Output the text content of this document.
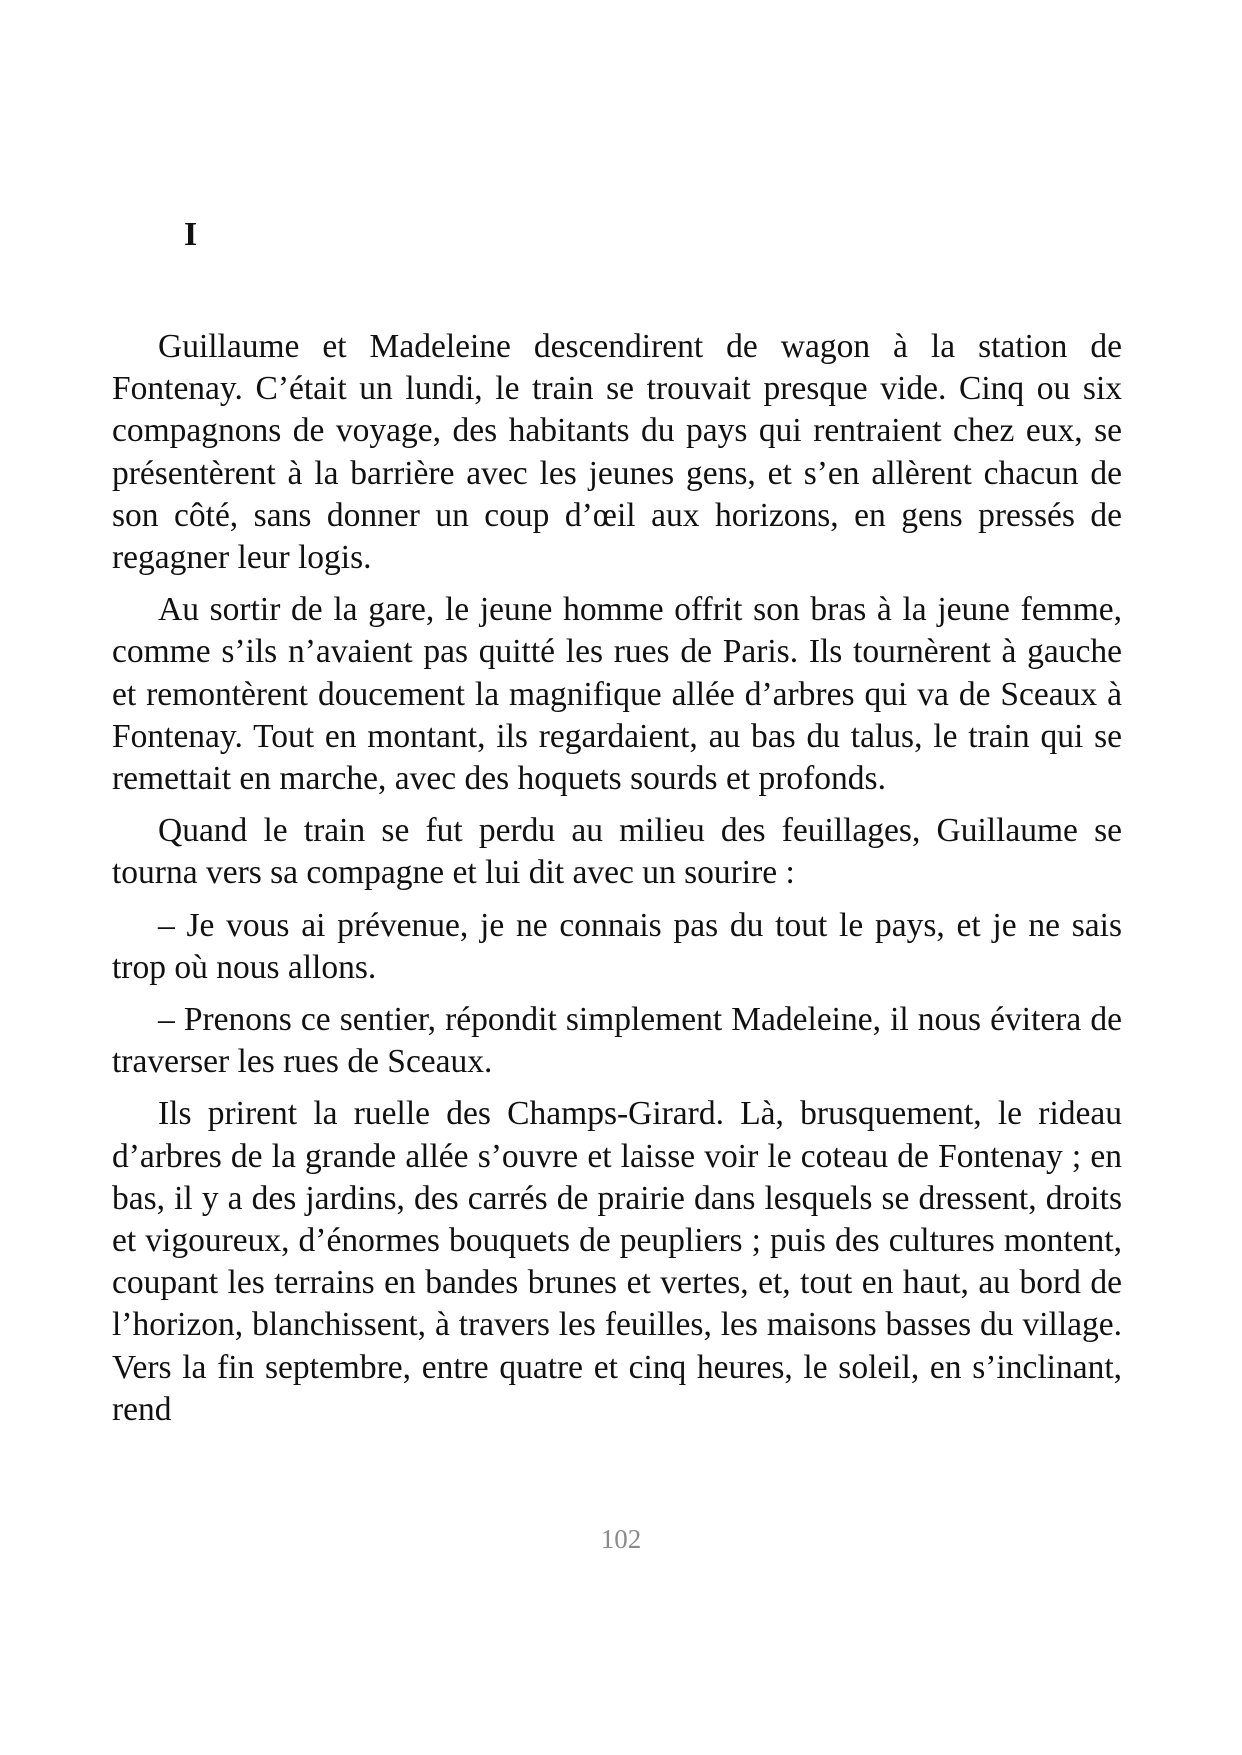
I

Guillaume et Madeleine descendirent de wagon à la station de Fontenay. C’était un lundi, le train se trouvait presque vide. Cinq ou six compagnons de voyage, des habitants du pays qui rentraient chez eux, se présentèrent à la barrière avec les jeunes gens, et s’en allèrent chacun de son côté, sans donner un coup d’œil aux horizons, en gens pressés de regagner leur logis.

Au sortir de la gare, le jeune homme offrit son bras à la jeune femme, comme s’ils n’avaient pas quitté les rues de Paris. Ils tournèrent à gauche et remontèrent doucement la magnifique allée d’arbres qui va de Sceaux à Fontenay. Tout en montant, ils regardaient, au bas du talus, le train qui se remettait en marche, avec des hoquets sourds et profonds.

Quand le train se fut perdu au milieu des feuillages, Guillaume se tourna vers sa compagne et lui dit avec un sourire :

– Je vous ai prévenue, je ne connais pas du tout le pays, et je ne sais trop où nous allons.

– Prenons ce sentier, répondit simplement Madeleine, il nous évitera de traverser les rues de Sceaux.

Ils prirent la ruelle des Champs-Girard. Là, brusquement, le rideau d’arbres de la grande allée s’ouvre et laisse voir le coteau de Fontenay ; en bas, il y a des jardins, des carrés de prairie dans lesquels se dressent, droits et vigoureux, d’énormes bouquets de peupliers ; puis des cultures montent, coupant les terrains en bandes brunes et vertes, et, tout en haut, au bord de l’horizon, blanchissent, à travers les feuilles, les maisons basses du village. Vers la fin septembre, entre quatre et cinq heures, le soleil, en s’inclinant, rend

102
